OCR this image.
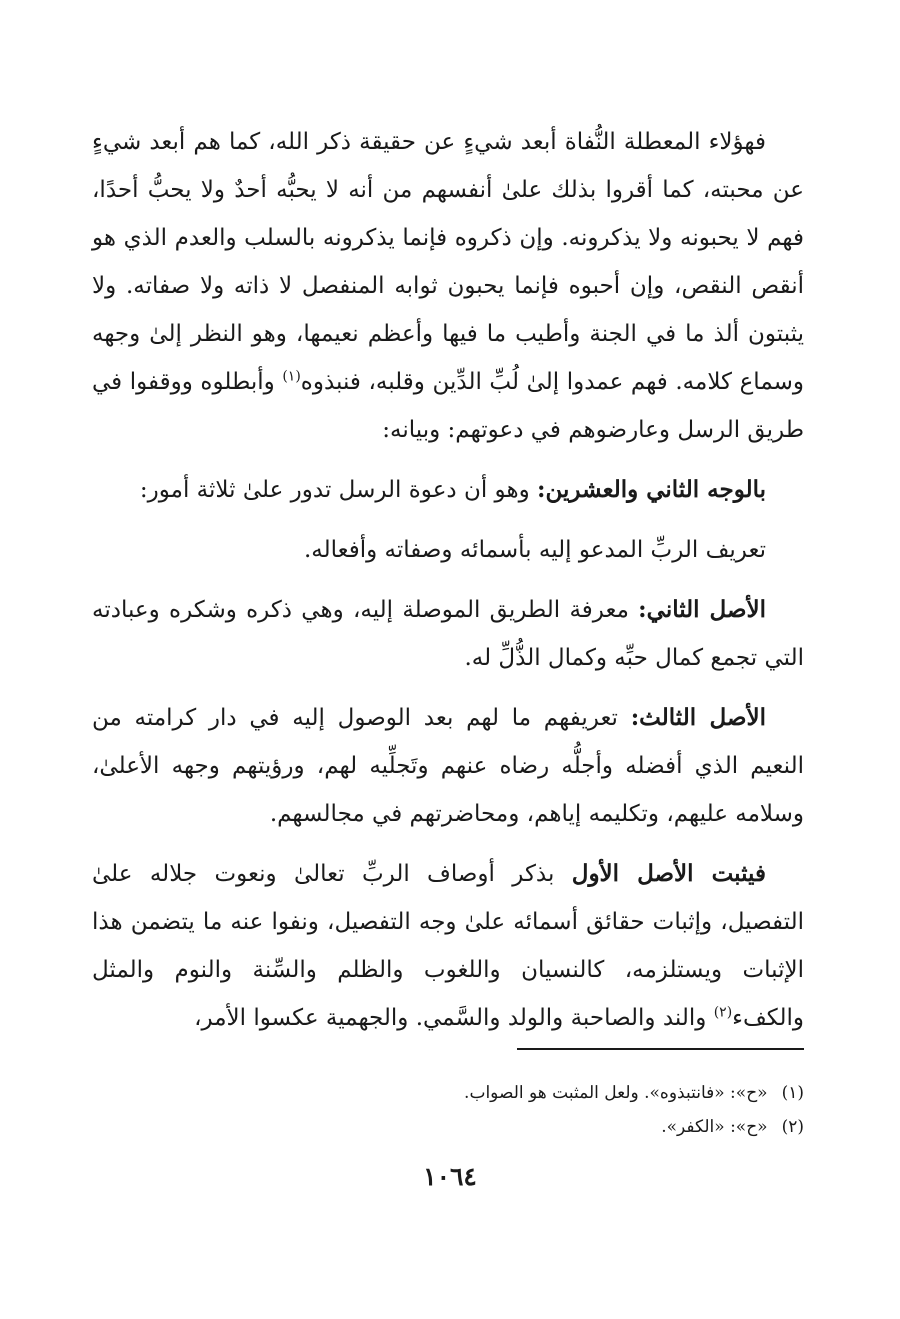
فهؤلاء المعطلة النُّفاة أبعد شيءٍ عن حقيقة ذكر الله، كما هم أبعد شيءٍ عن محبته، كما أقروا بذلك علىٰ أنفسهم من أنه لا يحبُّه أحدٌ ولا يحبُّ أحدًا، فهم لا يحبونه ولا يذكرونه. وإن ذكروه فإنما يذكرونه بالسلب والعدم الذي هو أنقص النقص، وإن أحبوه فإنما يحبون ثوابه المنفصل لا ذاته ولا صفاته. ولا يثبتون ألذ ما في الجنة وأطيب ما فيها وأعظم نعيمها، وهو النظر إلىٰ وجهه وسماع كلامه. فهم عمدوا إلىٰ لُبِّ الدِّين وقلبه، فنبذوه$^{(١)}$ وأبطلوه ووقفوا في طريق الرسل وعارضوهم في دعوتهم: وبيانه:

بالوجه الثاني والعشرين: وهو أن دعوة الرسل تدور علىٰ ثلاثة أمور:

تعريف الربِّ المدعو إليه بأسمائه وصفاته وأفعاله.

الأصل الثاني: معرفة الطريق الموصلة إليه، وهي ذكره وشكره وعبادته التي تجمع كمال حبِّه وكمال الذُّلِّ له.

الأصل الثالث: تعريفهم ما لهم بعد الوصول إليه في دار كرامته من النعيم الذي أفضله وأجلُّه رضاه عنهم وتَجلِّيه لهم، ورؤيتهم وجهه الأعلىٰ، وسلامه عليهم، وتكليمه إياهم، ومحاضرتهم في مجالسهم.

فيثبت الأصل الأول بذكر أوصاف الربِّ تعالىٰ ونعوت جلاله علىٰ التفصيل، وإثبات حقائق أسمائه علىٰ وجه التفصيل، ونفوا عنه ما يتضمن هذا الإثبات ويستلزمه، كالنسيان واللغوب والظلم والسِّنة والنوم والمثل والكفء$^{(٢)}$ والند والصاحبة والولد والسَّمي. والجهمية عكسوا الأمر،

(١)«ح»: «فانتبذوه». ولعل المثبت هو الصواب.
(٢)«ح»: «الكفر».
١٠٦٤
